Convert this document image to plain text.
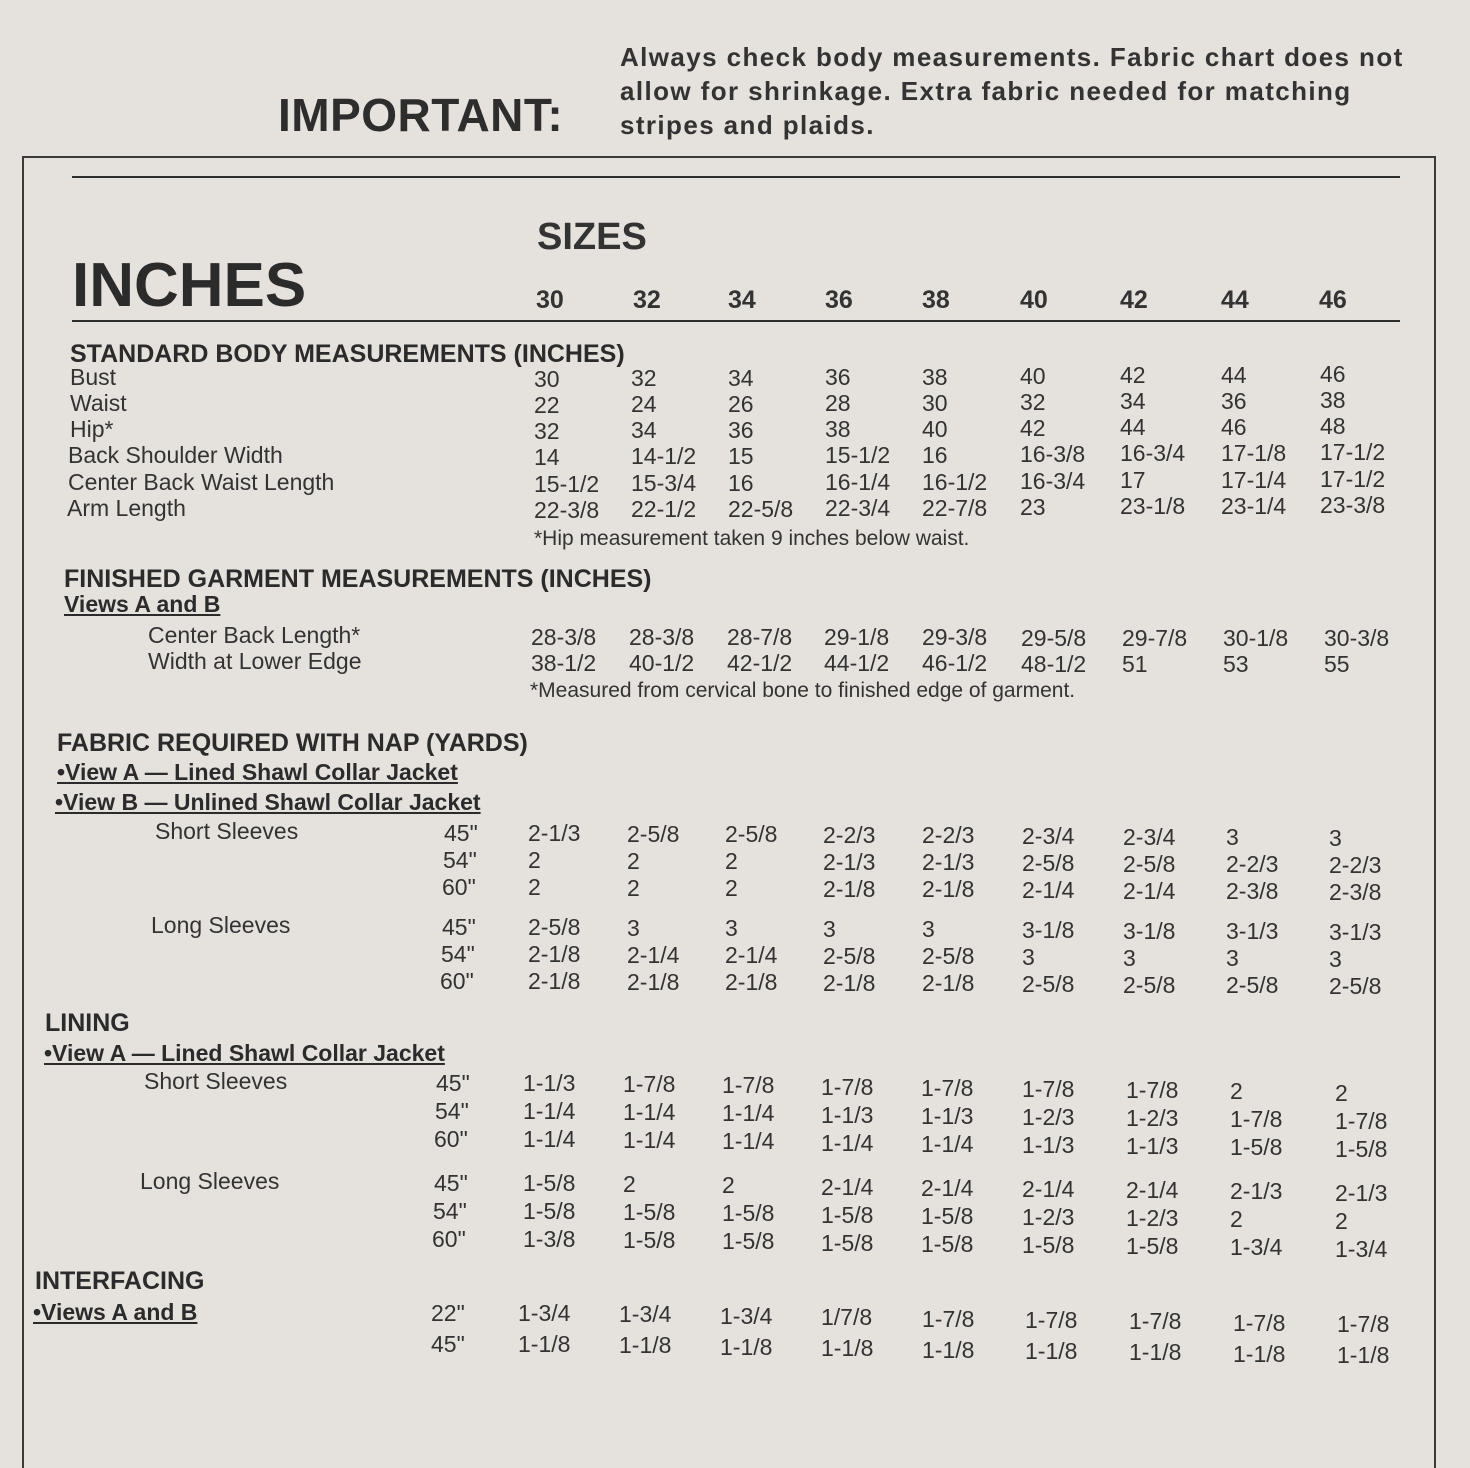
IMPORTANT:
Always check body measurements. Fabric chart does not allow for shrinkage. Extra fabric needed for matching stripes and plaids.
INCHES
SIZES
30	32	34	36	38	40	42	44	46
STANDARD BODY MEASUREMENTS (INCHES)
*Hip measurement taken 9 inches below waist.
FINISHED GARMENT MEASUREMENTS (INCHES)
Views A and B
*Measured from cervical bone to finished edge of garment.
FABRIC REQUIRED WITH NAP (YARDS)
•View A — Lined Shawl Collar Jacket
•View B — Unlined Shawl Collar Jacket
LINING
•View A — Lined Shawl Collar Jacket
INTERFACING
•Views A and B
Bust	30	32	34	36	38	40	42	44	46
Waist	22	24	26	28	30	32	34	36	38
Hip*	32	34	36	38	40	42	44	46	48
Back Shoulder Width	14	14-1/2 15	15-1/2 16	16-3/8 16-3/4 17-1/8 17-1/2
Center Back Waist Length	15-1/2 15-3/4 16	16-1/4 16-1/2 16-3/4 17	17-1/4 17-1/2
Arm Length	22-3/8 22-1/2 22-5/8 22-3/4 22-7/8 23	23-1/8 23-1/4 23-3/8
Center Back Length*	28-3/8 28-3/8 28-7/8 29-1/8 29-3/8 29-5/8 29-7/8 30-1/8 30-3/8
Width at Lower Edge	38-1/2 40-1/2 42-1/2 44-1/2 46-1/2 48-1/2 51	53	55
Short Sleeves	45" 2-1/3 2-5/8 2-5/8 2-2/3 2-2/3 2-3/4 2-3/4 3	3
54" 2	2	2	2-1/3 2-1/3 2-5/8 2-5/8 2-2/3 2-2/3
60" 2	2	2	2-1/8 2-1/8 2-1/4 2-1/4 2-3/8 2-3/8
Long Sleeves	45" 2-5/8 3	3	3	3	3-1/8 3-1/8 3-1/3 3-1/3
54" 2-1/8 2-1/4 2-1/4 2-5/8 2-5/8 3	3	3	3
60" 2-1/8 2-1/8 2-1/8 2-1/8 2-1/8 2-5/8 2-5/8 2-5/8 2-5/8
Short Sleeves	45" 1-1/3 1-7/8 1-7/8 1-7/8 1-7/8 1-7/8 1-7/8 2	2
54" 1-1/4 1-1/4 1-1/4 1-1/3 1-1/3 1-2/3 1-2/3 1-7/8 1-7/8
60" 1-1/4 1-1/4 1-1/4 1-1/4 1-1/4 1-1/3 1-1/3 1-5/8 1-5/8
Long Sleeves	45" 1-5/8 2	2	2-1/4 2-1/4 2-1/4 2-1/4 2-1/3 2-1/3
54" 1-5/8 1-5/8 1-5/8 1-5/8 1-5/8 1-2/3 1-2/3 2	2
60" 1-3/8 1-5/8 1-5/8 1-5/8 1-5/8 1-5/8 1-5/8 1-3/4 1-3/4
22" 1-3/4 1-3/4 1-3/4 1/7/8 1-7/8 1-7/8 1-7/8 1-7/8 1-7/8
45" 1-1/8 1-1/8 1-1/8 1-1/8 1-1/8 1-1/8 1-1/8 1-1/8 1-1/8
